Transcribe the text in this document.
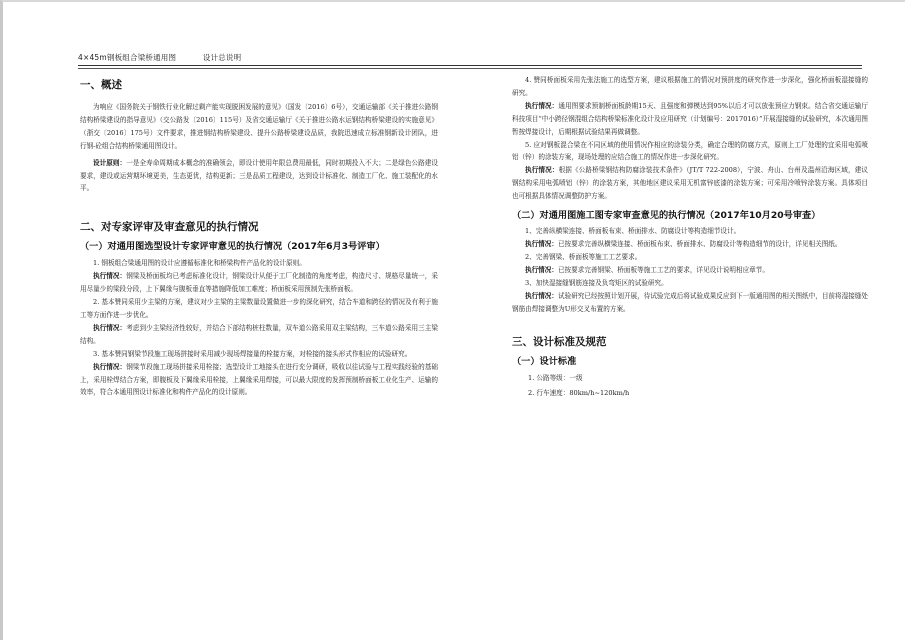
4×45m钢板组合梁桥通用图	设计总说明
一、概述

为响应《国务院关于钢铁行业化解过剩产能实现脱困发展的意见》（国发〔2016〕6号），交通运输部《关于推进公路钢结构桥梁建设的指导意见》（交公路发〔2016〕115号）及省交通运输厅《关于推进公路水运钢结构桥梁建设的实施意见》（浙交〔2016〕175号）文件要求，推进钢结构桥梁建设、提升公路桥梁建设品质，我院迅速成立标准钢新设计团队，进行钢-砼组合结构桥梁通用图设计。

设计原则：一是全寿命周期成本概念的准确领会，即设计使用年限总费用最低，同时初期投入不大；二是绿色公路建设要求，建设或运营期环境更美，生态更优，结构更新；三是品质工程建设，达到设计标准化、制造工厂化、施工装配化的水平。

二、对专家评审及审查意见的执行情况
（一）对通用图选型设计专家评审意见的执行情况（2017年6月3号评审）

1. 钢板组合梁通用图的设计应遵循标准化和桥梁构件产品化的设计原则。

执行情况：钢梁及桥面板均已考虑标准化设计，钢梁设计从便于工厂化制造的角度考虑，构造尺寸、规格尽量统一，采用尽量少的梁段分段，上下翼缘与腹板垂直等措施降低加工难度；桥面板采用预制先张桥面板。

2. 基本赞同采用少主梁的方案，建议对少主梁的主梁数量设置做进一步的深化研究，结合车道和跨径的情况及有利于施工等方面作进一步优化。

执行情况：考虑到少主梁经济性较好，并结合下部结构桩柱数量，双车道公路采用双主梁结构，三车道公路采用三主梁结构。

3. 基本赞同钢梁节段施工现场拼接时采用减少现场焊接量的栓接方案，对栓接的接头形式作相应的试验研究。

执行情况：钢梁节段施工现场拼接采用栓接；选型设计工地接头在进行充分调研，吸收以往试验与工程实践经验的基础上，采用栓焊结合方案，即腹板及下翼缘采用栓接，上翼缘采用焊接，可以最大限度的发挥预制桥面板工业化生产、运输的效率，符合本通用图设计标准化和构件产品化的设计原则。

4. 赞同桥面板采用先张法施工的选型方案，建议根据施工的情况对预拼度的研究作进一步深化，强化桥面板湿接缝的研究。

执行情况：通用图要求预制桥面板龄期15天、且强度和弹模达到95%以后才可以放张预应力钢束。结合省交通运输厅科技项目“中小跨径钢混组合结构桥梁标准化设计及应用研究（计划编号：2017016）”开展湿接缝的试验研究，本次通用图暂按焊接设计，后期根据试验结果再做调整。

5. 应对钢板混合梁在不同区域的使用情况作相应的涂装分类，确定合理的防腐方式，原则上工厂处理的宜采用电弧喷铝（锌）的涂装方案，现场处理的应结合施工的情况作进一步深化研究。

执行情况：根据《公路桥梁钢结构防腐涂装技术条件》（JT/T 722-2008），宁波、舟山、台州及温州沿海区域，建议钢结构采用电弧喷铝（锌）的涂装方案，其他地区建议采用无机富锌底漆的涂装方案；可采用冷喷锌涂装方案。具体项目也可根据具体情况调整防护方案。

（二）对通用图施工图专家审查意见的执行情况（2017年10月20号审查）

1、完善纵横梁连接、桥面板布束、桥面排水、防腐设计等构造细节设计。

执行情况：已按要求完善纵横梁连接、桥面板布束、桥面排水、防腐设计等构造细节的设计，详见相关图纸。

2、完善钢梁、桥面板等施工工艺要求。

执行情况：已按要求完善钢梁、桥面板等施工工艺的要求，详见设计说明相应章节。

3、加快湿接缝钢筋连接及负弯矩区的试验研究。

执行情况：试验研究已经按照计划开展，待试验完成后将试验成果反应到下一版通用图的相关图纸中，目前将湿接缝处钢筋由焊接调整为U形交叉布置的方案。

三、设计标准及规范
（一）设计标准

1. 公路等级：一级

2. 行车速度：80km/h~120km/h
